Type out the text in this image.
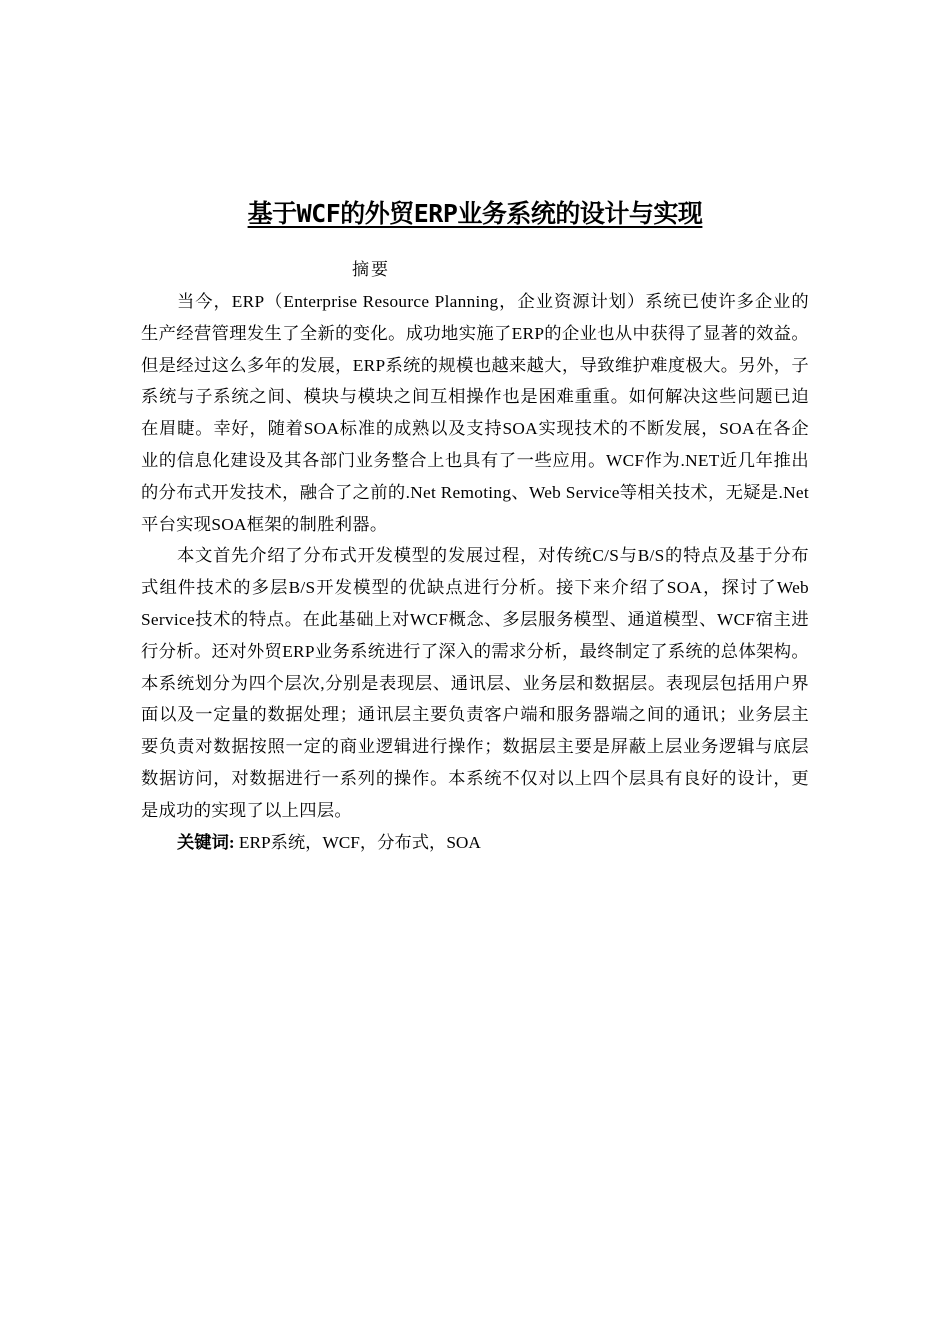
基于WCF的外贸ERP业务系统的设计与实现
摘要

当今，ERP（Enterprise Resource Planning，企业资源计划）系统已使许多企业的生产经营管理发生了全新的变化。成功地实施了ERP的企业也从中获得了显著的效益。但是经过这么多年的发展，ERP系统的规模也越来越大，导致维护难度极大。另外，子系统与子系统之间、模块与模块之间互相操作也是困难重重。如何解决这些问题已迫在眉睫。幸好，随着SOA标准的成熟以及支持SOA实现技术的不断发展，SOA在各企业的信息化建设及其各部门业务整合上也具有了一些应用。WCF作为.NET近几年推出的分布式开发技术，融合了之前的.Net Remoting、Web Service等相关技术，无疑是.Net平台实现SOA框架的制胜利器。

本文首先介绍了分布式开发模型的发展过程，对传统C/S与B/S的特点及基于分布式组件技术的多层B/S开发模型的优缺点进行分析。接下来介绍了SOA，探讨了Web Service技术的特点。在此基础上对WCF概念、多层服务模型、通道模型、WCF宿主进行分析。还对外贸ERP业务系统进行了深入的需求分析，最终制定了系统的总体架构。本系统划分为四个层次,分别是表现层、通讯层、业务层和数据层。表现层包括用户界面以及一定量的数据处理；通讯层主要负责客户端和服务器端之间的通讯；业务层主要负责对数据按照一定的商业逻辑进行操作；数据层主要是屏蔽上层业务逻辑与底层数据访问，对数据进行一系列的操作。本系统不仅对以上四个层具有良好的设计，更是成功的实现了以上四层。

关键词: ERP系统，WCF，分布式，SOA
